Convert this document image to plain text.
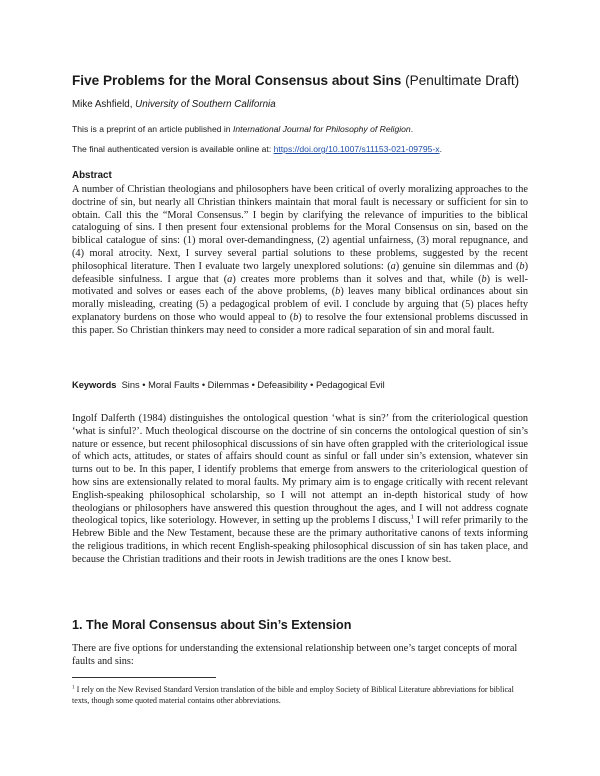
Five Problems for the Moral Consensus about Sins (Penultimate Draft)
Mike Ashfield, University of Southern California
This is a preprint of an article published in International Journal for Philosophy of Religion.
The final authenticated version is available online at: https://doi.org/10.1007/s11153-021-09795-x.
Abstract
A number of Christian theologians and philosophers have been critical of overly moralizing approaches to the doctrine of sin, but nearly all Christian thinkers maintain that moral fault is necessary or sufficient for sin to obtain. Call this the “Moral Consensus.” I begin by clarifying the relevance of impurities to the biblical cataloguing of sins. I then present four extensional problems for the Moral Consensus on sin, based on the biblical catalogue of sins: (1) moral over-demandingness, (2) agential unfairness, (3) moral repugnance, and (4) moral atrocity. Next, I survey several partial solutions to these problems, suggested by the recent philosophical literature. Then I evaluate two largely unexplored solutions: (a) genuine sin dilemmas and (b) defeasible sinfulness. I argue that (a) creates more problems than it solves and that, while (b) is well-motivated and solves or eases each of the above problems, (b) leaves many biblical ordinances about sin morally misleading, creating (5) a pedagogical problem of evil. I conclude by arguing that (5) places hefty explanatory burdens on those who would appeal to (b) to resolve the four extensional problems discussed in this paper. So Christian thinkers may need to consider a more radical separation of sin and moral fault.
Keywords Sins • Moral Faults • Dilemmas • Defeasibility • Pedagogical Evil
Ingolf Dalferth (1984) distinguishes the ontological question ‘what is sin?’ from the criteriological question ‘what is sinful?’. Much theological discourse on the doctrine of sin concerns the ontological question of sin’s nature or essence, but recent philosophical discussions of sin have often grappled with the criteriological issue of which acts, attitudes, or states of affairs should count as sinful or fall under sin’s extension, whatever sin turns out to be. In this paper, I identify problems that emerge from answers to the criteriological question of how sins are extensionally related to moral faults. My primary aim is to engage critically with recent relevant English-speaking philosophical scholarship, so I will not attempt an in-depth historical study of how theologians or philosophers have answered this question throughout the ages, and I will not address cognate theological topics, like soteriology. However, in setting up the problems I discuss,$^1$ I will refer primarily to the Hebrew Bible and the New Testament, because these are the primary authoritative canons of texts informing the religious traditions, in which recent English-speaking philosophical discussion of sin has taken place, and because the Christian traditions and their roots in Jewish traditions are the ones I know best.
1. The Moral Consensus about Sin’s Extension
There are five options for understanding the extensional relationship between one’s target concepts of moral faults and sins:
$^1$ I rely on the New Revised Standard Version translation of the bible and employ Society of Biblical Literature abbreviations for biblical texts, though some quoted material contains other abbreviations.
